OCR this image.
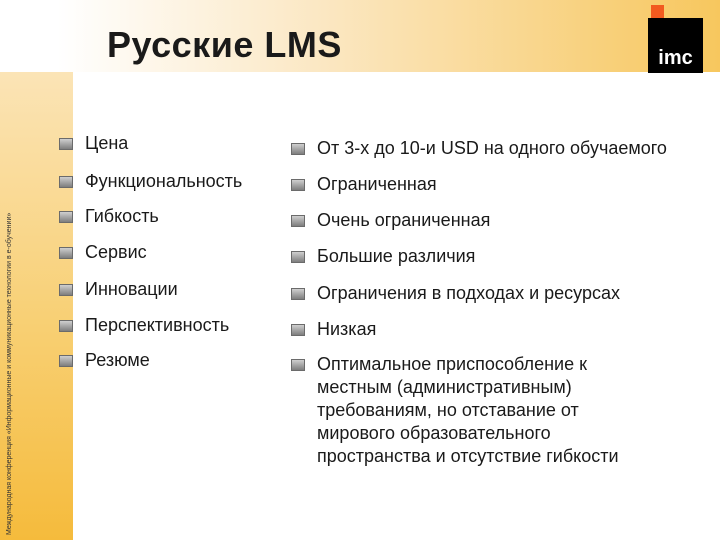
Русские LMS	imc
Международная конференция «Информационные и коммуникационные технологии в e-обучении»
Цена
Функциональность
Гибкость
Сервис
Инновации
Перспективность
Резюме
От 3-х до 10-и USD на одного обучаемого
Ограниченная
Очень ограниченная
Большие различия
Ограничения в подходах и ресурсах
Низкая
Оптимальное приспособление к местным (административным) требованиям, но отставание от мирового образовательного пространства и отсутствие гибкости
